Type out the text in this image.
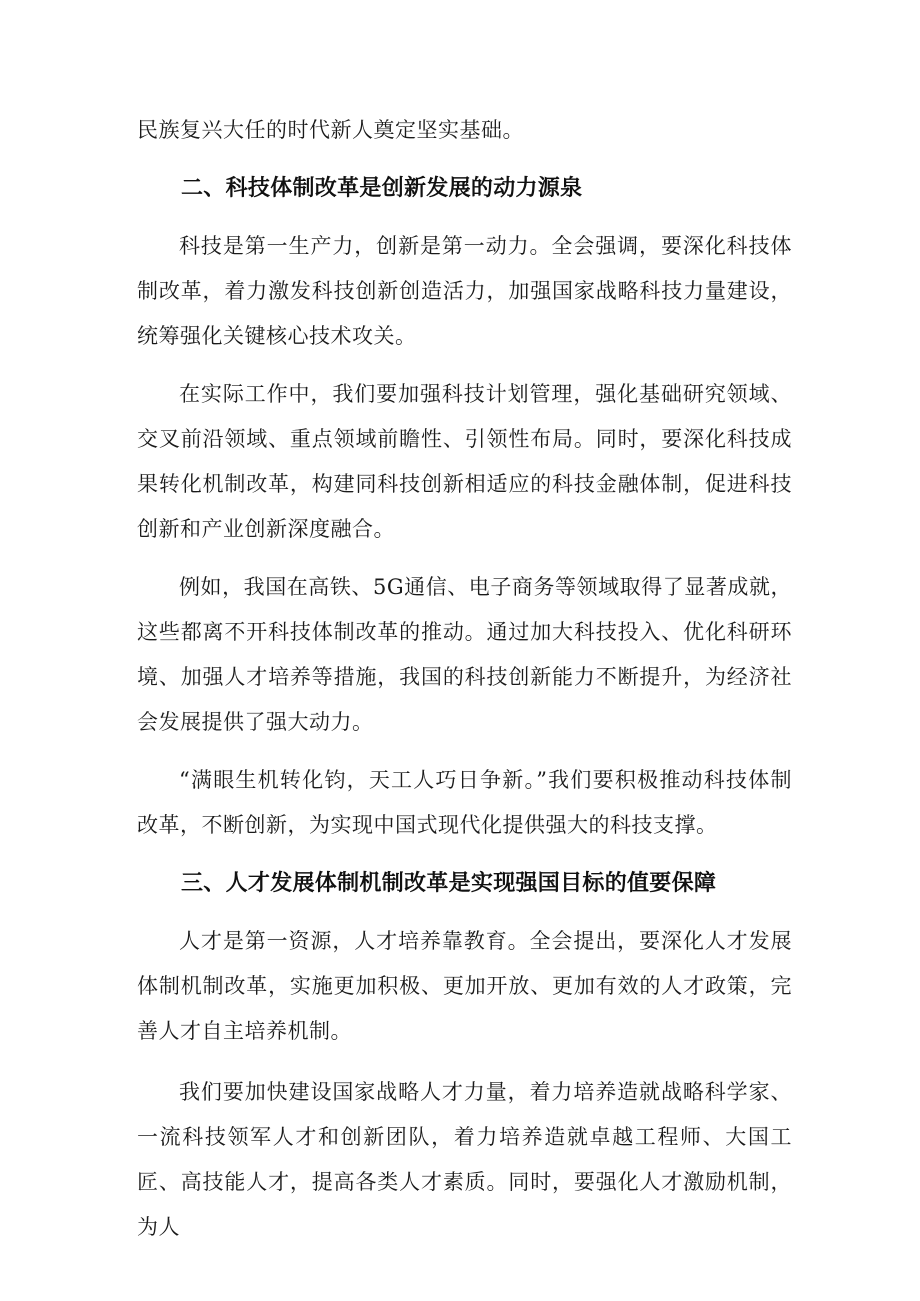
民族复兴大任的时代新人奠定坚实基础。

二、科技体制改革是创新发展的动力源泉

科技是第一生产力，创新是第一动力。全会强调，要深化科技体制改革，着力激发科技创新创造活力，加强国家战略科技力量建设，统筹强化关键核心技术攻关。

在实际工作中，我们要加强科技计划管理，强化基础研究领域、交叉前沿领域、重点领域前瞻性、引领性布局。同时，要深化科技成果转化机制改革，构建同科技创新相适应的科技金融体制，促进科技创新和产业创新深度融合。

例如，我国在高铁、5G通信、电子商务等领域取得了显著成就，这些都离不开科技体制改革的推动。通过加大科技投入、优化科研环境、加强人才培养等措施，我国的科技创新能力不断提升，为经济社会发展提供了强大动力。

“满眼生机转化钧，天工人巧日争新。”我们要积极推动科技体制改革，不断创新，为实现中国式现代化提供强大的科技支撑。

三、人才发展体制机制改革是实现强国目标的值要保障

人才是第一资源，人才培养靠教育。全会提出，要深化人才发展体制机制改革，实施更加积极、更加开放、更加有效的人才政策，完善人才自主培养机制。

我们要加快建设国家战略人才力量，着力培养造就战略科学家、一流科技领军人才和创新团队，着力培养造就卓越工程师、大国工匠、高技能人才，提高各类人才素质。同时，要强化人才激励机制，为人
